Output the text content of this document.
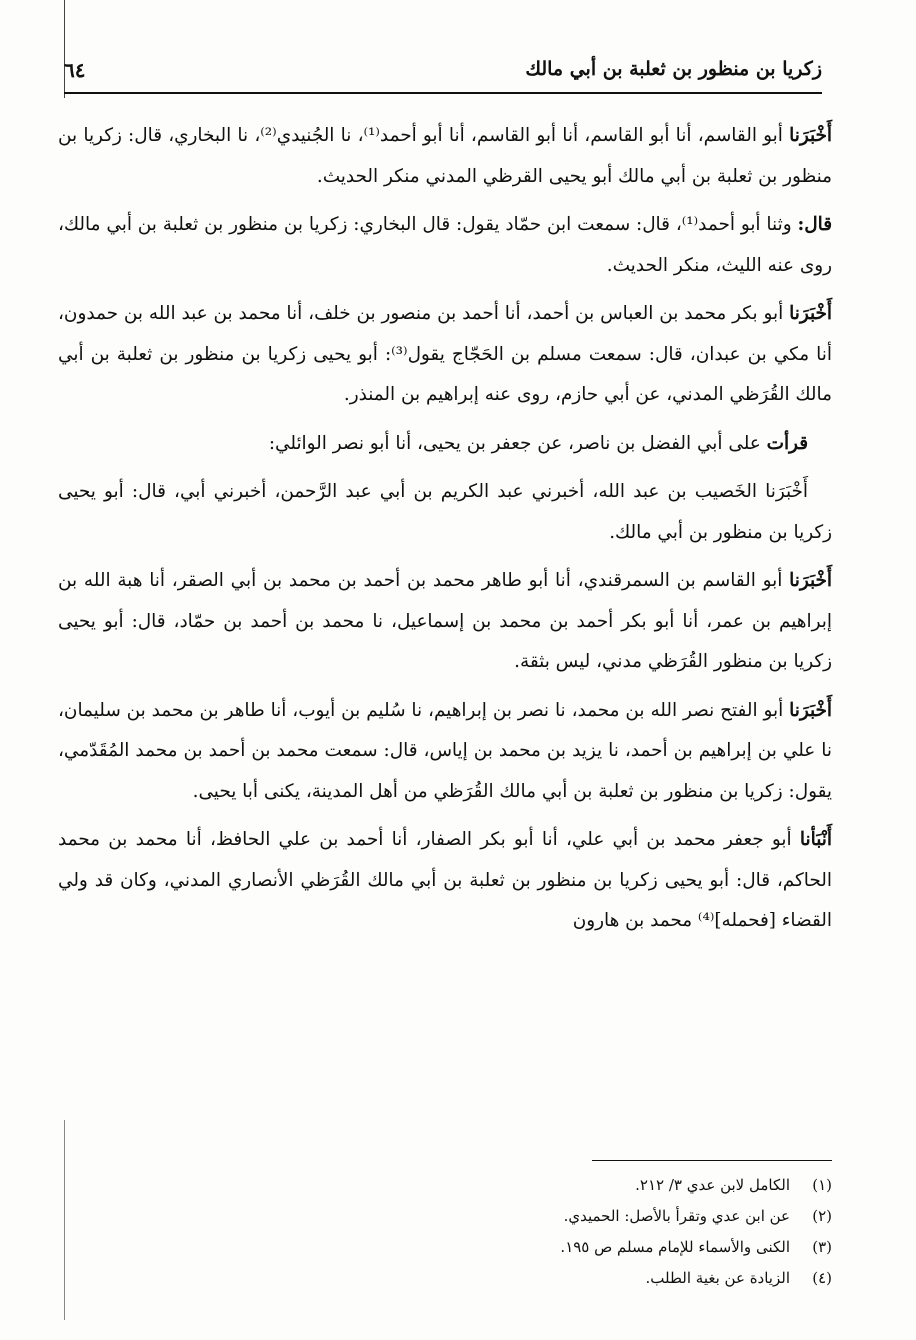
زكريا بن منظور بن ثعلبة بن أبي مالك
٦٤

أَخْبَرَنا أبو القاسم، أنا أبو القاسم، أنا أبو القاسم، أنا أبو أحمد⁽¹⁾، نا الجُنيدي⁽²⁾، نا البخاري، قال: زكريا بن منظور بن ثعلبة بن أبي مالك أبو يحيى القرظي المدني منكر الحديث.

قال: وثنا أبو أحمد⁽¹⁾، قال: سمعت ابن حمّاد يقول: قال البخاري: زكريا بن منظور بن ثعلبة بن أبي مالك، روى عنه الليث، منكر الحديث.

أَخْبَرَنا أبو بكر محمد بن العباس بن أحمد، أنا أحمد بن منصور بن خلف، أنا محمد بن عبد الله بن حمدون، أنا مكي بن عبدان، قال: سمعت مسلم بن الحَجّاج يقول⁽³⁾: أبو يحيى زكريا بن منظور بن ثعلبة بن أبي مالك القُرَظي المدني، عن أبي حازم، روى عنه إبراهيم بن المنذر.

قرأت على أبي الفضل بن ناصر، عن جعفر بن يحيى، أنا أبو نصر الوائلي:

أَخْبَرَنا الخَصيب بن عبد الله، أخبرني عبد الكريم بن أبي عبد الرَّحمن، أخبرني أبي، قال: أبو يحيى زكريا بن منظور بن أبي مالك.

أَخْبَرَنا أبو القاسم بن السمرقندي، أنا أبو طاهر محمد بن أحمد بن محمد بن أبي الصقر، أنا هبة الله بن إبراهيم بن عمر، أنا أبو بكر أحمد بن محمد بن إسماعيل، نا محمد بن أحمد بن حمّاد، قال: أبو يحيى زكريا بن منظور القُرَظي مدني، ليس بثقة.

أَخْبَرَنا أبو الفتح نصر الله بن محمد، نا نصر بن إبراهيم، نا سُليم بن أيوب، أنا طاهر بن محمد بن سليمان، نا علي بن إبراهيم بن أحمد، نا يزيد بن محمد بن إياس، قال: سمعت محمد بن أحمد بن محمد المُقَدّمي، يقول: زكريا بن منظور بن ثعلبة بن أبي مالك القُرَظي من أهل المدينة، يكنى أبا يحيى.

أَنْبَأنا أبو جعفر محمد بن أبي علي، أنا أبو بكر الصفار، أنا أحمد بن علي الحافظ، أنا محمد بن محمد الحاكم، قال: أبو يحيى زكريا بن منظور بن ثعلبة بن أبي مالك القُرَظي الأنصاري المدني، وكان قد ولي القضاء [فحمله]⁽⁴⁾ محمد بن هارون

(١)
الكامل لابن عدي ٣/ ٢١٢.
(٢)
عن ابن عدي وتقرأ بالأصل: الحميدي.
(٣)
الكنى والأسماء للإمام مسلم ص ١٩٥.
(٤)
الزيادة عن بغية الطلب.
